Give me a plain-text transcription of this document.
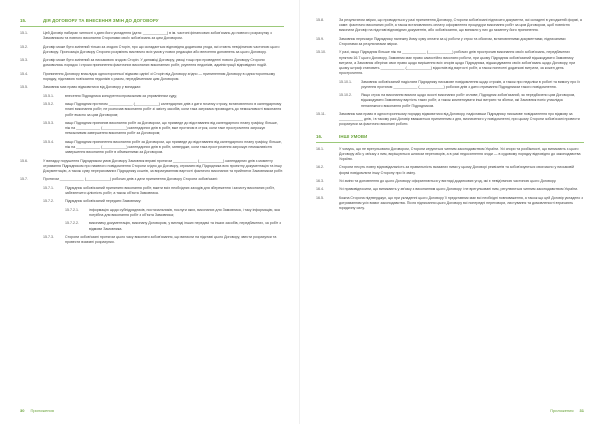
15.	ДІЯ ДОГОВОРУ ТА ВНЕСЕННЯ ЗМІН ДО ДОГОВОРУ
15.1.	Цей Договір набирає чинності з дати його укладення (дата: ____________) в ім. частині фінансових зобов'язань до повного розрахунку з Замовником та повного виконання Сторонами своїх зобов'язань за цим Договором.
15.2.	Договір може бути змінений тільки за згодою Сторін, про що складається відповідна додаткова угода, які стають невід'ємною частиною цього Договору. Пропозиція Договору Сторони розуміють виключно всіх умов у нових редакціях або внесення доповнень за цього Договору.
15.3.	Договір може бути змінений за письмовою згодою Сторін. У динаміці Договору, умоці тощо при проведенні нового Договору Сторони домовились порядок і строки припинення фактичних виконаних виконанних робіт, усунення недоліків, адміністрації відповідних подій.
15.4.	Припинення Договору внаслідок односторонньої відмови однієї зі Сторін від Договору згідно — припиненням Договору в односторонньому порядку, підставою пов'язання недоліків з разом, передбаченими цим Договором.
15.5.	Замовник має право відмовитися від Договору у випадках:
15.5.1.	внесення Підрядника конкурентоспроможним за управлінням суду;
15.5.2.	якщо Підрядник протягом ____________ (____________) календарних днів з дати початку строку, встановленого в календарному плані виконання робіт, не розпочав виконання робіт зі змісту засобів, коли така затримка призводить до неможливості виконання робіт вчасно за цим Договором;
15.5.3.	якщо Підрядник припинив виконання робіт за Договором, що призведе до відставання від календарного плану графіку, більше, ніж на ____________ (____________) календарних днів в робіт, вже протягом в строк, коли таке прострочення загрожує неможливим завершення виконання робіт за Договором;
15.5.4.	якщо Підрядник припинення виконання робіт за Договором, що призведе до відставання від календарного плану графіку, більше, ніж на ____________ (____________) календарних днів в робіт, затвердже, коли така прострочення загрожує неможливістю завершення виконання робіт в обмеженими за Договором.
15.6.	У випадку порушення Підрядником умов Договору Замовник вправі протягом ____________ (____________) календарних днів з моменту отримання Підрядником про наявного повідомлення Сторони згідно до Договору, отримати від Підрядника всю проектну документацію та іншу Документацію, а також суму перерахованих Підряднику коштів, за вирахуванням вартості фактично виконаних та прийнятих Замовником робіт.
15.7.	Протягом ____________ (____________) робочих днів з дати припинення Договору Сторони зобов'язані:
15.7.1.	Підрядник зобов'язаний припинити виконання робіт, вжити всіх необхідних заходів для збереження і захисту виконаних робіт, забезпечити цілісність робіт, а також об'єкта Замовника.
15.7.2.	Підрядник зобов'язаний передати Замовнику:
15.7.2.1.	інформацію щодо субпідрядників, постачальників, послуги яких, виконаних для Замовника, і таку інформацію, яка потрібна для виконання робіт з об'єкта Замовника;
15.7.2.2.	виконавчу документацію, виконану Договором, у вигляді інших передачі та інших засобів, передбачених, за робіт з відмови Замовника.
15.7.3.	Сторони зобов'язані протягом цього часу виконати зобов'язання, що виникли на підставі цього Договору, звести розрахунки та провести взаємні розрахунки.
15.8.	За результатом звірки, що проводиться у разі припинення Договору, Сторони зобов'язані підписати документи, які складені в узгодженій формі, а саме: фактично виконаних робіт, а також встановлюють оплату оформлення процедури виконання робіт за цим Договором, щоб повністю виконати Договір на підставі відповідних документів, або зобов'язання, що виникли у них до моменту його припинення.
15.9.	Замовник переказує Підряднику належну йому суму оплати за ці роботи у строк та обсягом, встановленими документами, підписаними Сторонами за результатами звірки.
15.10.	У разі, якщо Підрядник більше ніж на ____________ (____________) робочих днів прострочив виконання своїх зобов'язань, передбачених пунктом 16.7 цього Договору, Замовник має право самостійно виконати роботи, при цьому Підрядник зобов'язаний відшкодувати Замовнику витрати, а Замовник зберігає своє право щодо вирішення всіх спорів щодо Підрядника, відшкодування своїх зобов'язань щодо Договору, при цьому штраф становить ____________ (____________) відсотків від вартості робіт, а також понесені додаткові витрати, за кожен день прострочення.
15.10.1.	Замовник зобов'язаний надіслати Підряднику письмове повідомлення щодо строків, а також про недоліки в роботі та вимогу про їх усунення протягом ____________ (____________) робочих днів з дати отримання Підрядником такого повідомлення.
15.10.2.	Якщо строк на виконання вимоги щодо якості виконаних робіт спливе, Підрядник зобов'язаний, як передбачено цим Договором, відшкодувати Замовнику вартість таких робіт, а також компенсувати інші витрати та збитки, які Замовник поніс унаслідок неналежного виконання робіт Підрядником.
15.11.	Замовник має право в односторонньому порядку відмовитися від Договору, надіславши Підряднику письмове повідомлення про відмову за ____________ днів, і в такому разі Договір вважається припиненим з дня, визначеного у повідомленні, при цьому Сторони зобов'язані провести розрахунки за фактично виконані роботи.
16.	ІНШІ УМОВИ
16.1.	У чомусь, що не врегульовано Договором, Сторони керуються чинним законодавством України. Усі спори та розбіжності, що виникають з цього Договору або у зв'язку з ним, вирішуються шляхом переговорів, а в разі недосягнення згоди — в судовому порядку відповідно до законодавства України.
16.2.	Сторони несуть повну відповідальність за правильність вказаних ними у цьому Договорі реквізитів та зобов'язуються своєчасно у письмовій формі повідомляти іншу Сторону про їх зміну.
16.3.	Усі зміни та доповнення до цього Договору оформлюються у вигляді додаткових угод, які є невід'ємною частиною цього Договору.
16.4.	Усі правовідносини, що виникають у зв'язку з виконанням цього Договору і не врегульовані ним, регулюються чинним законодавством України.
16.5.	Кожна Сторона підтверджує, що при укладенні цього Договору її представник має всі необхідні повноваження, а також що цей Договір укладено з дотриманням усіх вимог законодавства. Після підписання цього Договору всі попередні переговори, листування та домовленості втрачають юридичну силу.
30 Приложения	Приложения 31
